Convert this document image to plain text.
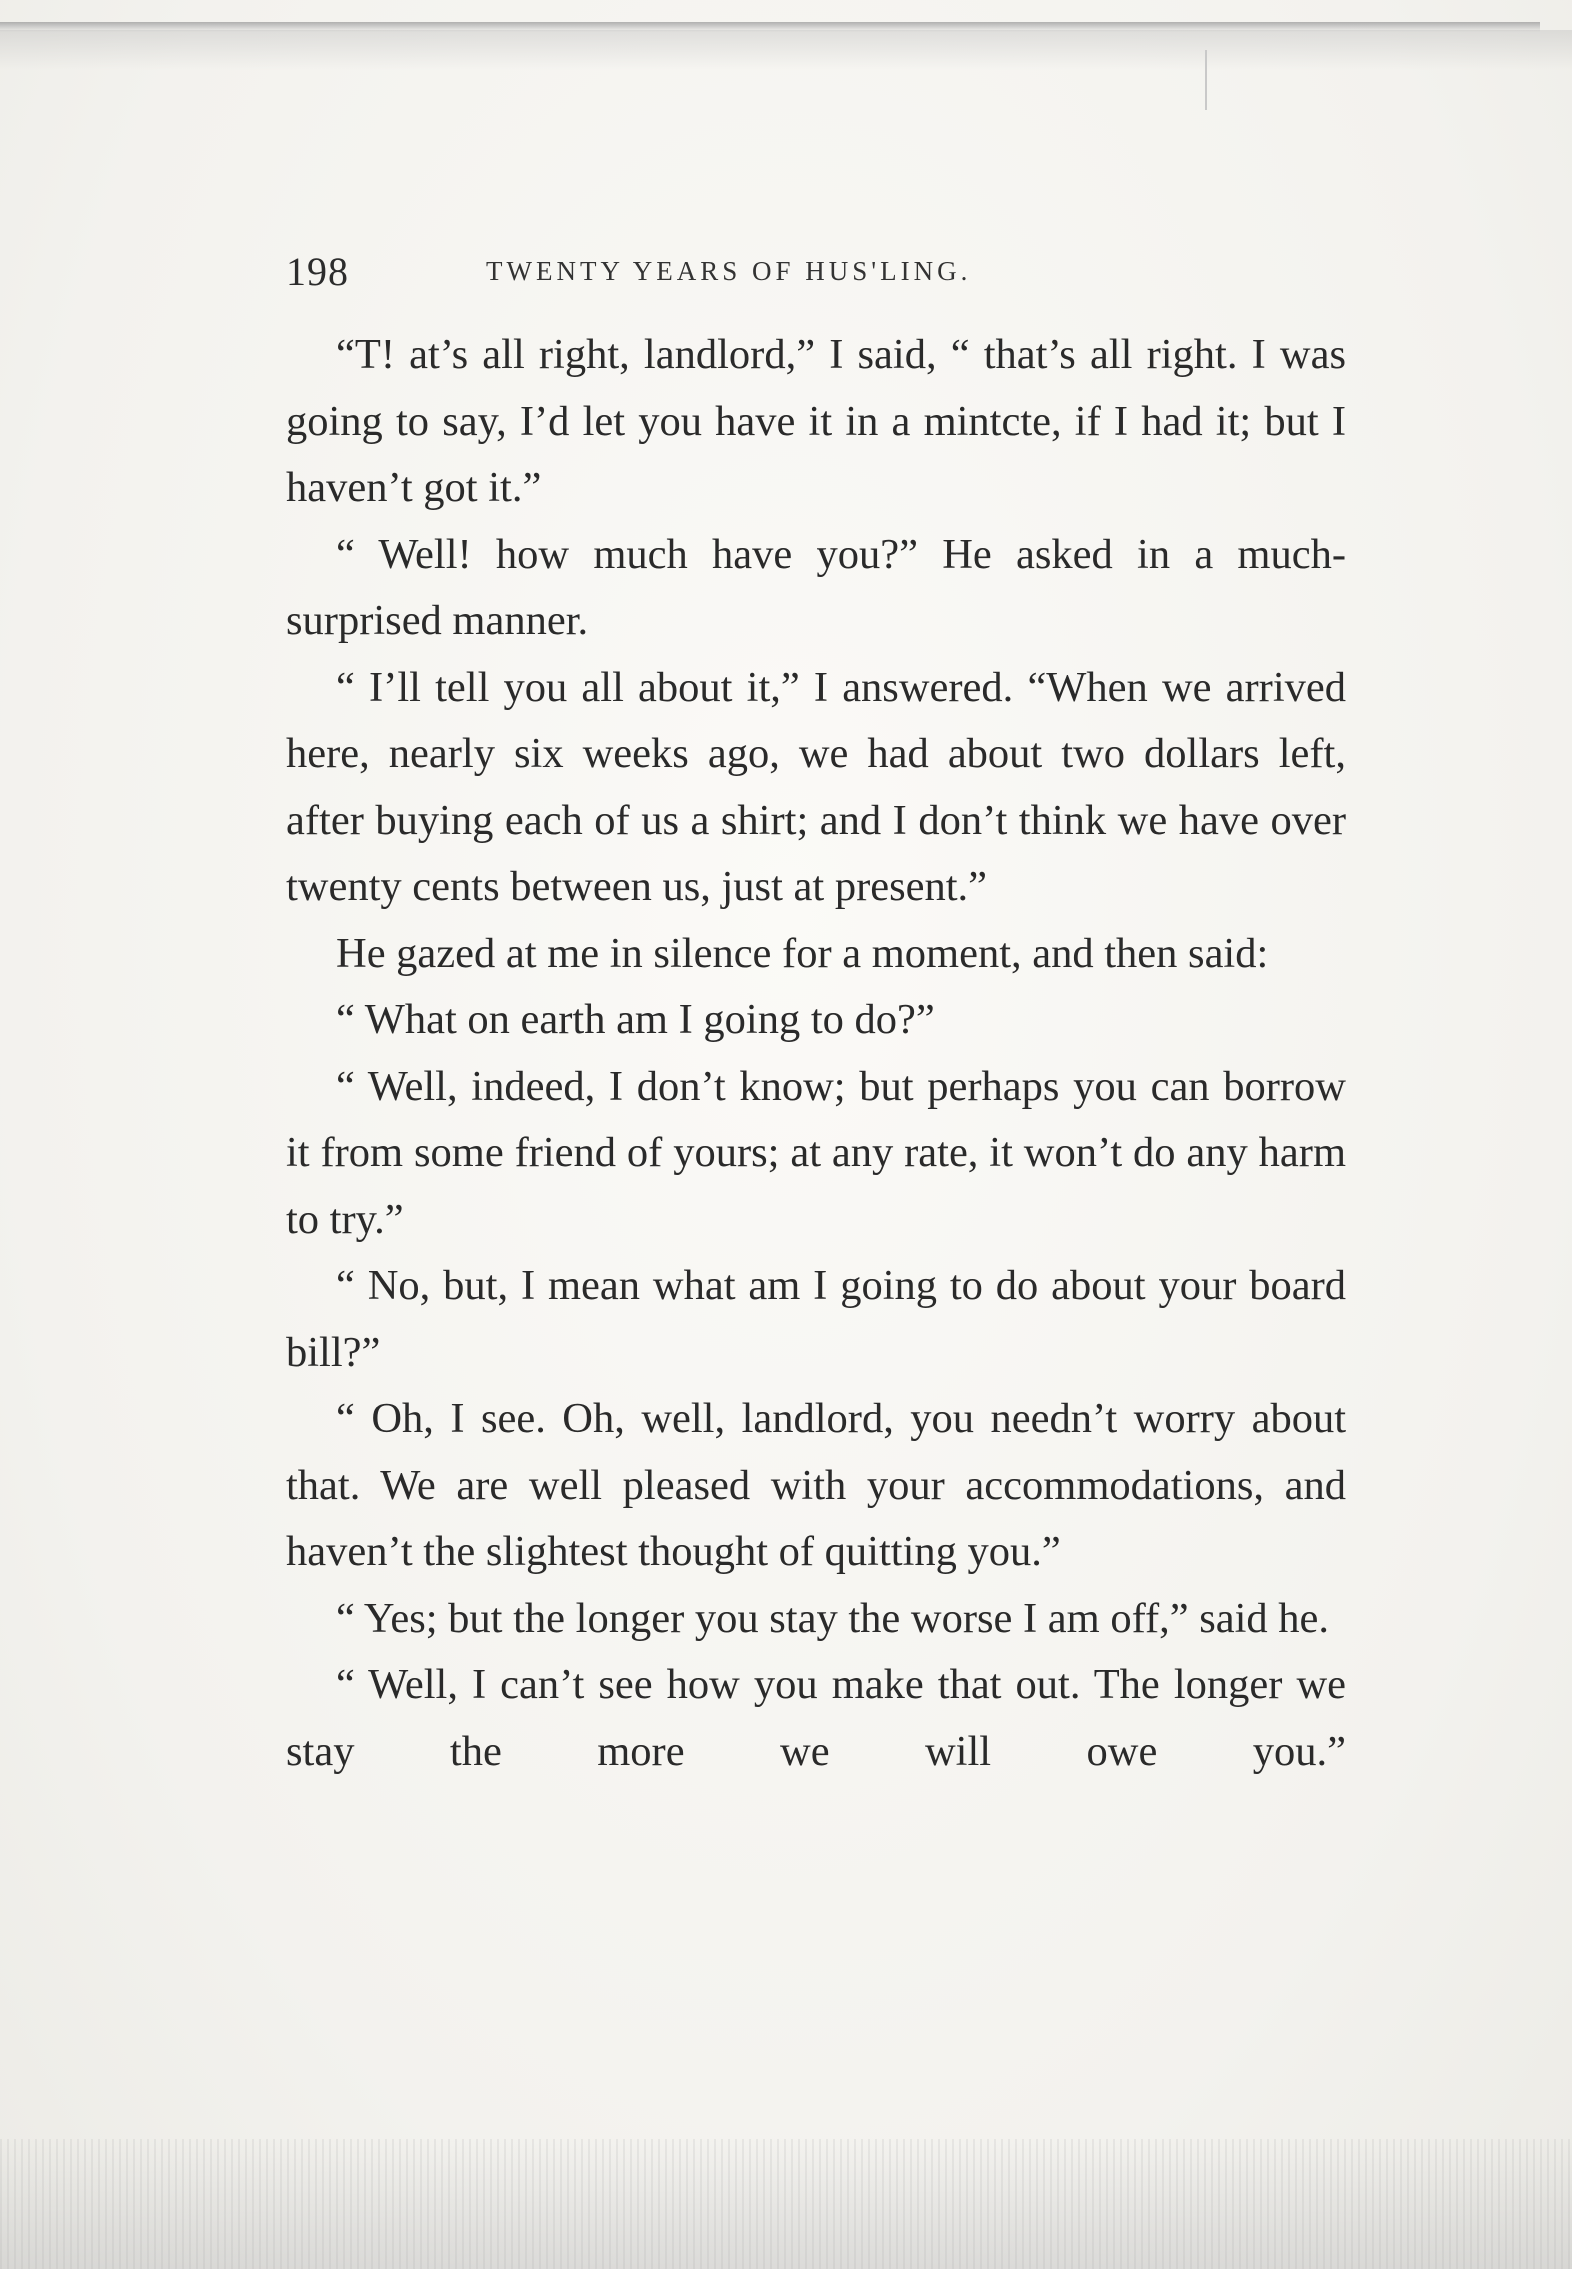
198	TWENTY YEARS OF HUS'LING.

“T! at’s all right, landlord,” I said, “ that’s all right. I was going to say, I’d let you have it in a mintcte, if I had it; but I haven’t got it.”

“ Well! how much have you?” He asked in a much-surprised manner.

“ I’ll tell you all about it,” I answered. “When we arrived here, nearly six weeks ago, we had about two dollars left, after buying each of us a shirt; and I don’t think we have over twenty cents between us, just at present.”

He gazed at me in silence for a moment, and then said:

“ What on earth am I going to do?”

“ Well, indeed, I don’t know; but perhaps you can borrow it from some friend of yours; at any rate, it won’t do any harm to try.”

“ No, but, I mean what am I going to do about your board bill?”

“ Oh, I see. Oh, well, landlord, you needn’t worry about that. We are well pleased with your accommodations, and haven’t the slightest thought of quitting you.”

“ Yes; but the longer you stay the worse I am off,” said he.

“ Well, I can’t see how you make that out. The longer we stay the more we will owe you.”
